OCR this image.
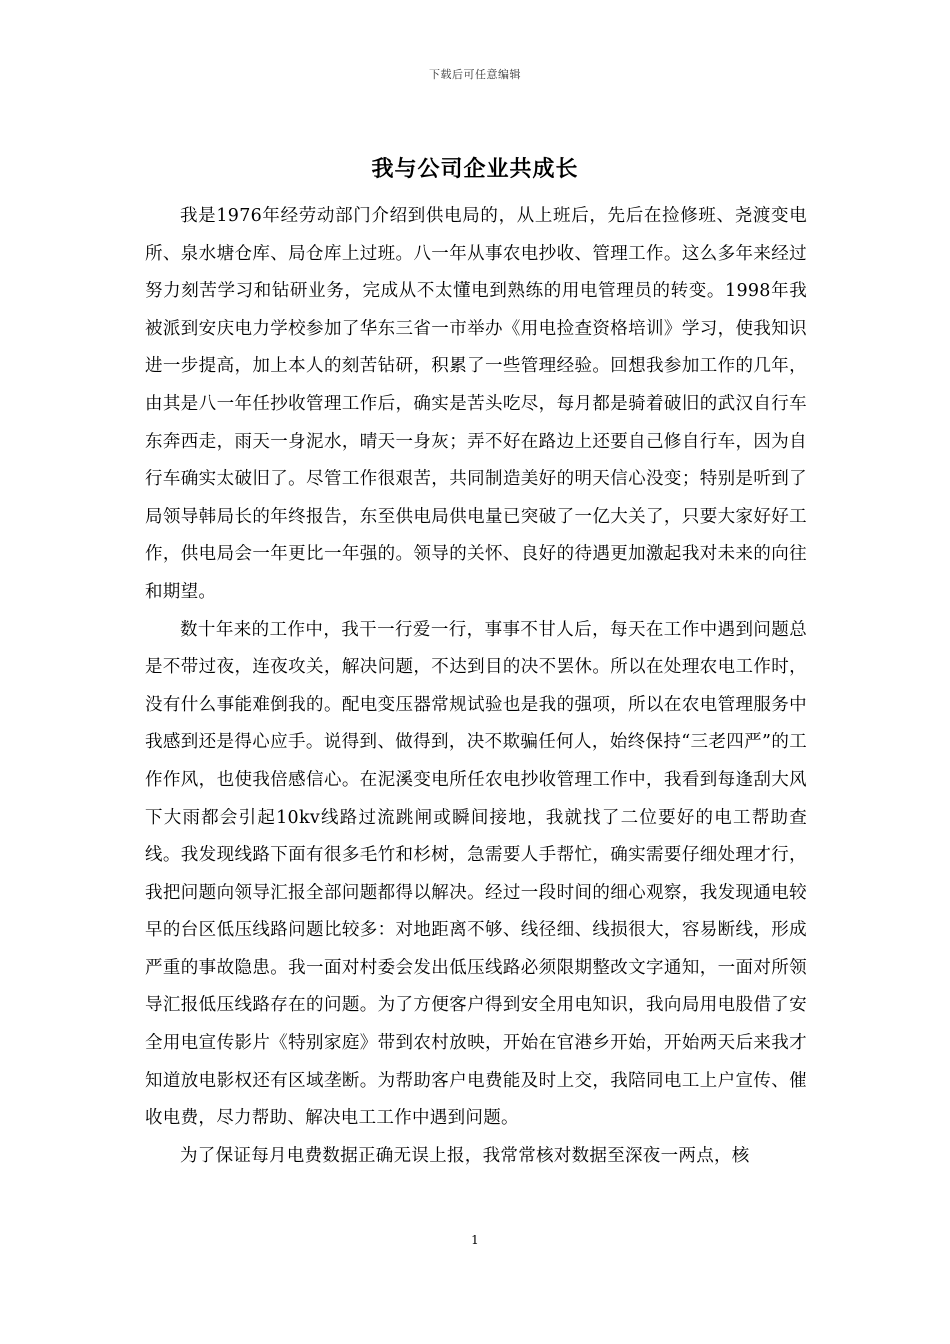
下载后可任意编辑
我与公司企业共成长

我是1976年经劳动部门介绍到供电局的，从上班后，先后在捡修班、尧渡变电所、泉水塘仓库、局仓库上过班。八一年从事农电抄收、管理工作。这么多年来经过努力刻苦学习和钻研业务，完成从不太懂电到熟练的用电管理员的转变。1998年我被派到安庆电力学校参加了华东三省一市举办《用电捡查资格培训》学习，使我知识进一步提高，加上本人的刻苦钻研，积累了一些管理经验。回想我参加工作的几年，由其是八一年任抄收管理工作后，确实是苦头吃尽，每月都是骑着破旧的武汉自行车东奔西走，雨天一身泥水，晴天一身灰；弄不好在路边上还要自己修自行车，因为自行车确实太破旧了。尽管工作很艰苦，共同制造美好的明天信心没变；特别是听到了局领导韩局长的年终报告，东至供电局供电量已突破了一亿大关了，只要大家好好工作，供电局会一年更比一年强的。领导的关怀、良好的待遇更加激起我对未来的向往和期望。

数十年来的工作中，我干一行爱一行，事事不甘人后，每天在工作中遇到问题总是不带过夜，连夜攻关，解决问题，不达到目的决不罢休。所以在处理农电工作时，没有什么事能难倒我的。配电变压器常规试验也是我的强项，所以在农电管理服务中我感到还是得心应手。说得到、做得到，决不欺骗任何人，始终保持“三老四严”的工作作风，也使我倍感信心。在泥溪变电所任农电抄收管理工作中，我看到每逢刮大风下大雨都会引起10kv线路过流跳闸或瞬间接地，我就找了二位要好的电工帮助查线。我发现线路下面有很多毛竹和杉树，急需要人手帮忙，确实需要仔细处理才行，我把问题向领导汇报全部问题都得以解决。经过一段时间的细心观察，我发现通电较早的台区低压线路问题比较多：对地距离不够、线径细、线损很大，容易断线，形成严重的事故隐患。我一面对村委会发出低压线路必须限期整改文字通知，一面对所领导汇报低压线路存在的问题。为了方便客户得到安全用电知识，我向局用电股借了安全用电宣传影片《特别家庭》带到农村放映，开始在官港乡开始，开始两天后来我才知道放电影权还有区域垄断。为帮助客户电费能及时上交，我陪同电工上户宣传、催收电费，尽力帮助、解决电工工作中遇到问题。

为了保证每月电费数据正确无误上报，我常常核对数据至深夜一两点，核

1
